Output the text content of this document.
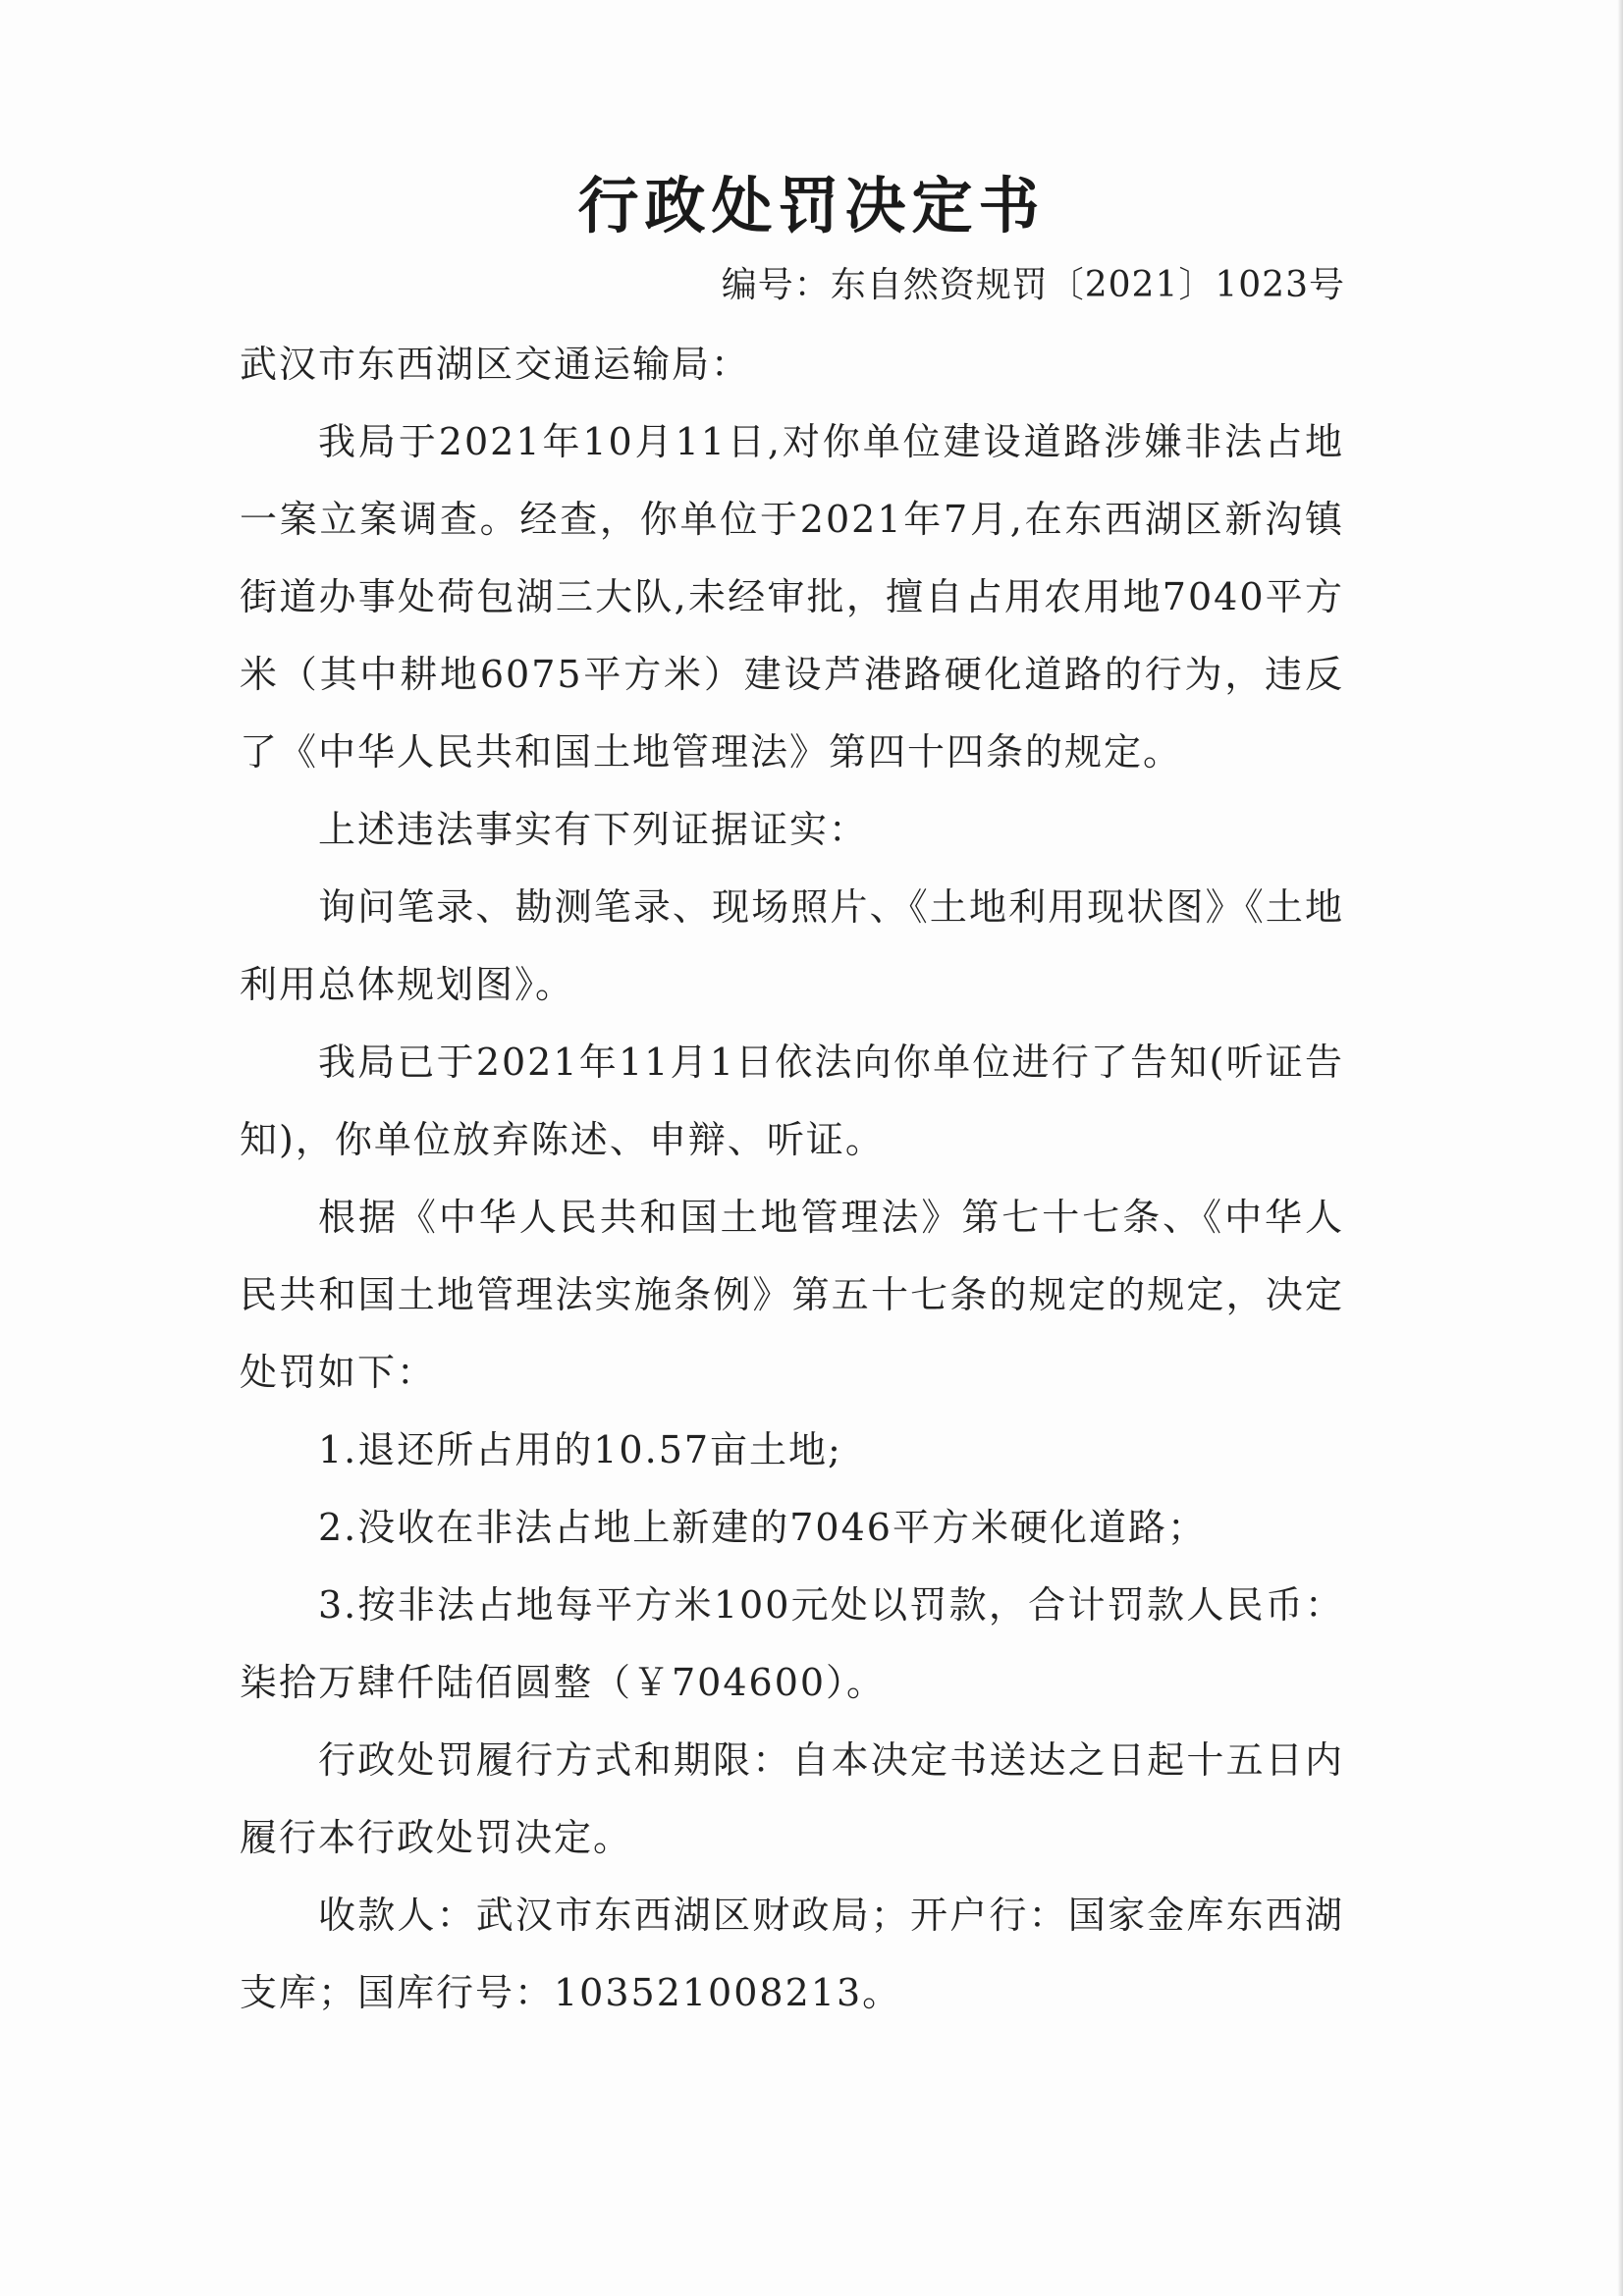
行政处罚决定书
编号：东自然资规罚〔2021〕1023号

武汉市东西湖区交通运输局：

我局于2021年10月11日,对你单位建设道路涉嫌非法占地一案立案调查。经查，你单位于2021年7月,在东西湖区新沟镇街道办事处荷包湖三大队,未经审批，擅自占用农用地7040平方米（其中耕地6075平方米）建设芦港路硬化道路的行为，违反了《中华人民共和国土地管理法》第四十四条的规定。

上述违法事实有下列证据证实：

询问笔录、勘测笔录、现场照片、《土地利用现状图》《土地利用总体规划图》。

我局已于2021年11月1日依法向你单位进行了告知(听证告知)，你单位放弃陈述、申辩、听证。

根据《中华人民共和国土地管理法》第七十七条、《中华人民共和国土地管理法实施条例》第五十七条的规定的规定，决定处罚如下：

1.退还所占用的10.57亩土地;

2.没收在非法占地上新建的7046平方米硬化道路；

3.按非法占地每平方米100元处以罚款，合计罚款人民币：柒拾万肆仟陆佰圆整（￥704600）。

行政处罚履行方式和期限：自本决定书送达之日起十五日内履行本行政处罚决定。

收款人：武汉市东西湖区财政局；开户行：国家金库东西湖支库；国库行号：103521008213。
